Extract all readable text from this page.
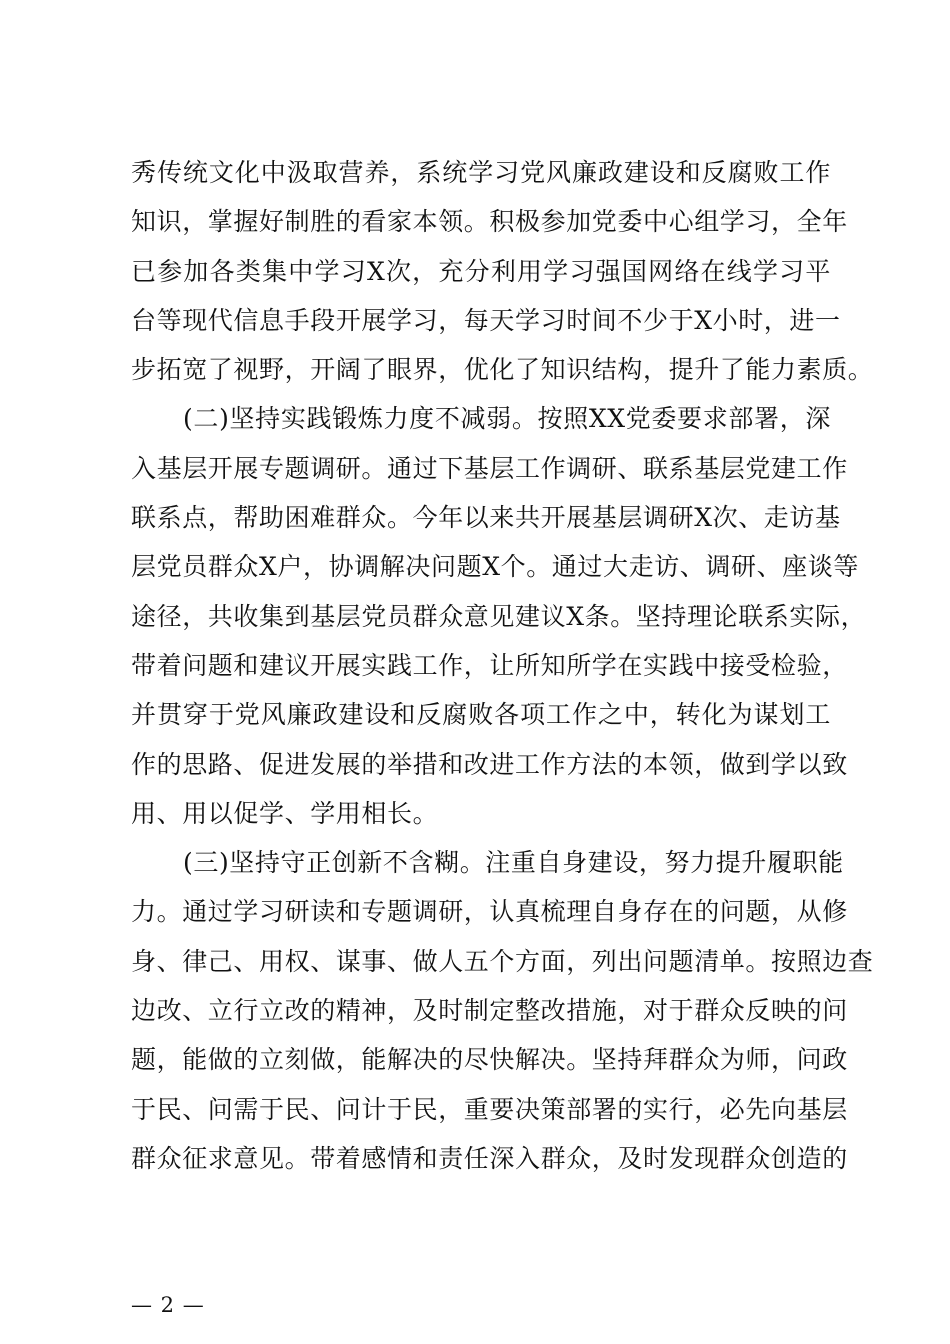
秀传统文化中汲取营养，系统学习党风廉政建设和反腐败工作
知识，掌握好制胜的看家本领。积极参加党委中心组学习，全年
已参加各类集中学习X次，充分利用学习强国网络在线学习平
台等现代信息手段开展学习，每天学习时间不少于X小时，进一
步拓宽了视野，开阔了眼界，优化了知识结构，提升了能力素质。
(二)坚持实践锻炼力度不减弱。按照XX党委要求部署，深
入基层开展专题调研。通过下基层工作调研、联系基层党建工作
联系点，帮助困难群众。今年以来共开展基层调研X次、走访基
层党员群众X户，协调解决问题X个。通过大走访、调研、座谈等
途径，共收集到基层党员群众意见建议X条。坚持理论联系实际，
带着问题和建议开展实践工作，让所知所学在实践中接受检验，
并贯穿于党风廉政建设和反腐败各项工作之中，转化为谋划工
作的思路、促进发展的举措和改进工作方法的本领，做到学以致
用、用以促学、学用相长。
(三)坚持守正创新不含糊。注重自身建设，努力提升履职能
力。通过学习研读和专题调研，认真梳理自身存在的问题，从修
身、律己、用权、谋事、做人五个方面，列出问题清单。按照边查
边改、立行立改的精神，及时制定整改措施，对于群众反映的问
题，能做的立刻做，能解决的尽快解决。坚持拜群众为师，问政
于民、问需于民、问计于民，重要决策部署的实行，必先向基层
群众征求意见。带着感情和责任深入群众，及时发现群众创造的
— 2 —
